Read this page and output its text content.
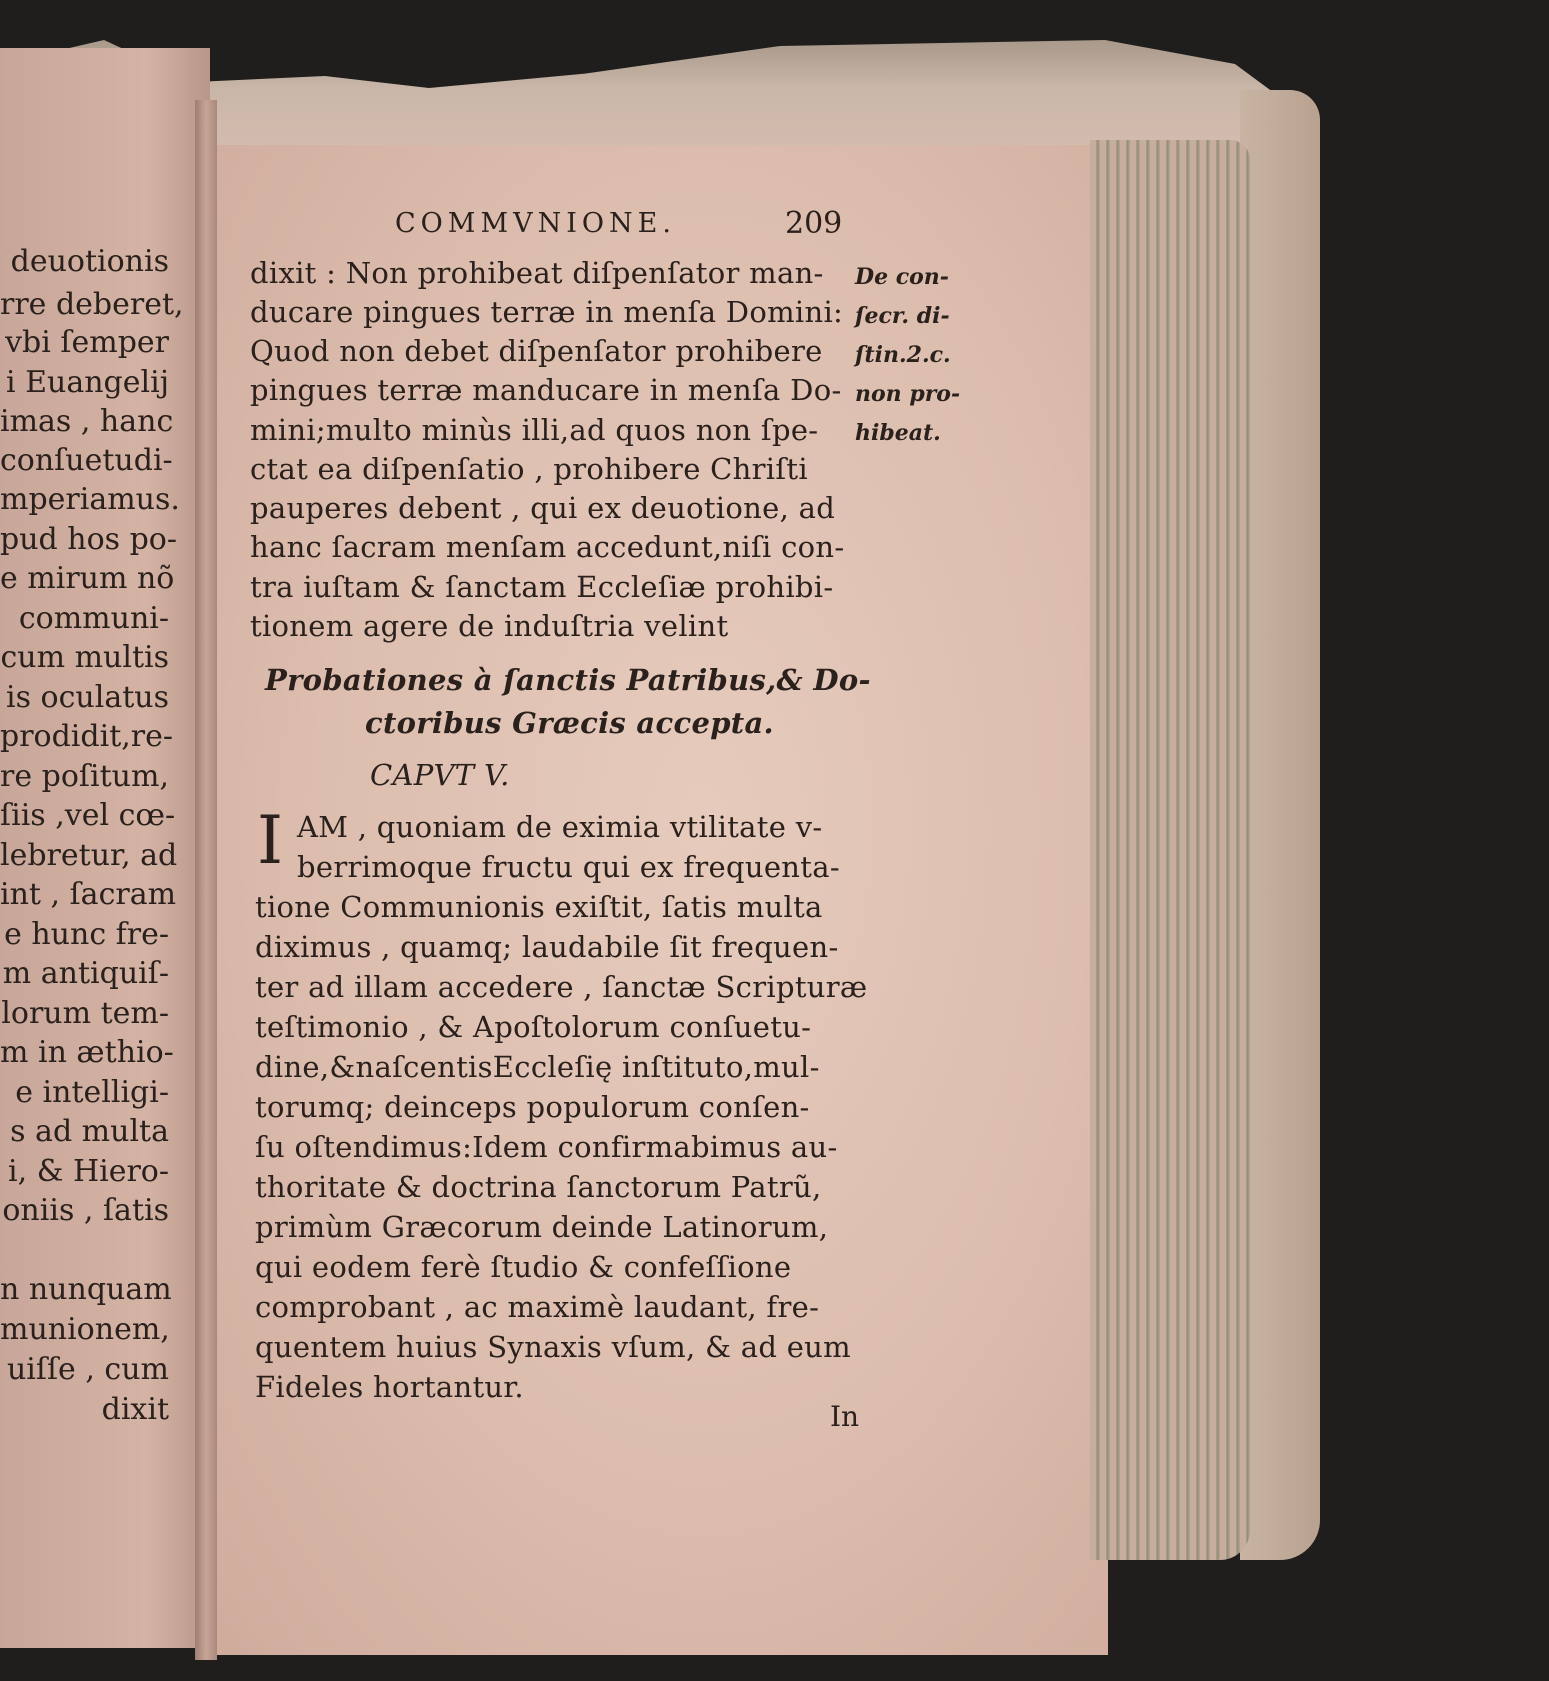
deuotionis
rre deberet,
vbi ſemper
i Euangelij
imas , hanc
conſuetudi-
mperiamus.
pud hos po-
e mirum nõ
communi-
cum multis
is oculatus
prodidit,re-
re poſitum,
ſiis ,vel cœ-
lebretur, ad
int , ſacram
e hunc fre-
m antiquiſ-
lorum tem-
m in æthio-
e intelligi-
s ad multa
i, & Hiero-
oniis , ſatis
n nunquam
munionem,
uiſſe , cum
dixit
COMMVNIONE.	209
dixit : Non prohibeat diſpenſator man-
ducare pingues terræ in menſa Domini:
Quod non debet diſpenſator prohibere
pingues terræ manducare in menſa Do-
mini;multo minùs illi,ad quos non ſpe-
ctat ea diſpenſatio , prohibere Chriſti
pauperes debent , qui ex deuotione, ad
hanc ſacram menſam accedunt,niſi con-
tra iuſtam & ſanctam Eccleſiæ prohibi-
tionem agere de induſtria velint
Probationes à ſanctis Patribus,& Do-
ctoribus Græcis accepta.
CAPVT V.
I AM , quoniam de eximia vtilitate v-
berrimoque fructu qui ex frequenta-
tione Communionis exiſtit, ſatis multa
diximus , quamq; laudabile ſit frequen-
ter ad illam accedere , ſanctæ Scripturæ
teſtimonio , & Apoſtolorum conſuetu-
dine,&naſcentisEccleſię inſtituto,mul-
torumq; deinceps populorum conſen-
ſu oſtendimus:Idem confirmabimus au-
thoritate & doctrina ſanctorum Patrũ,
primùm Græcorum deinde Latinorum,
qui eodem ferè ſtudio & confeſſione
comprobant , ac maximè laudant, fre-
quentem huius Synaxis vſum, & ad eum
Fideles hortantur.
De con-
ſecr. di-
ſtin.2.c.
non pro-
hibeat.
In
